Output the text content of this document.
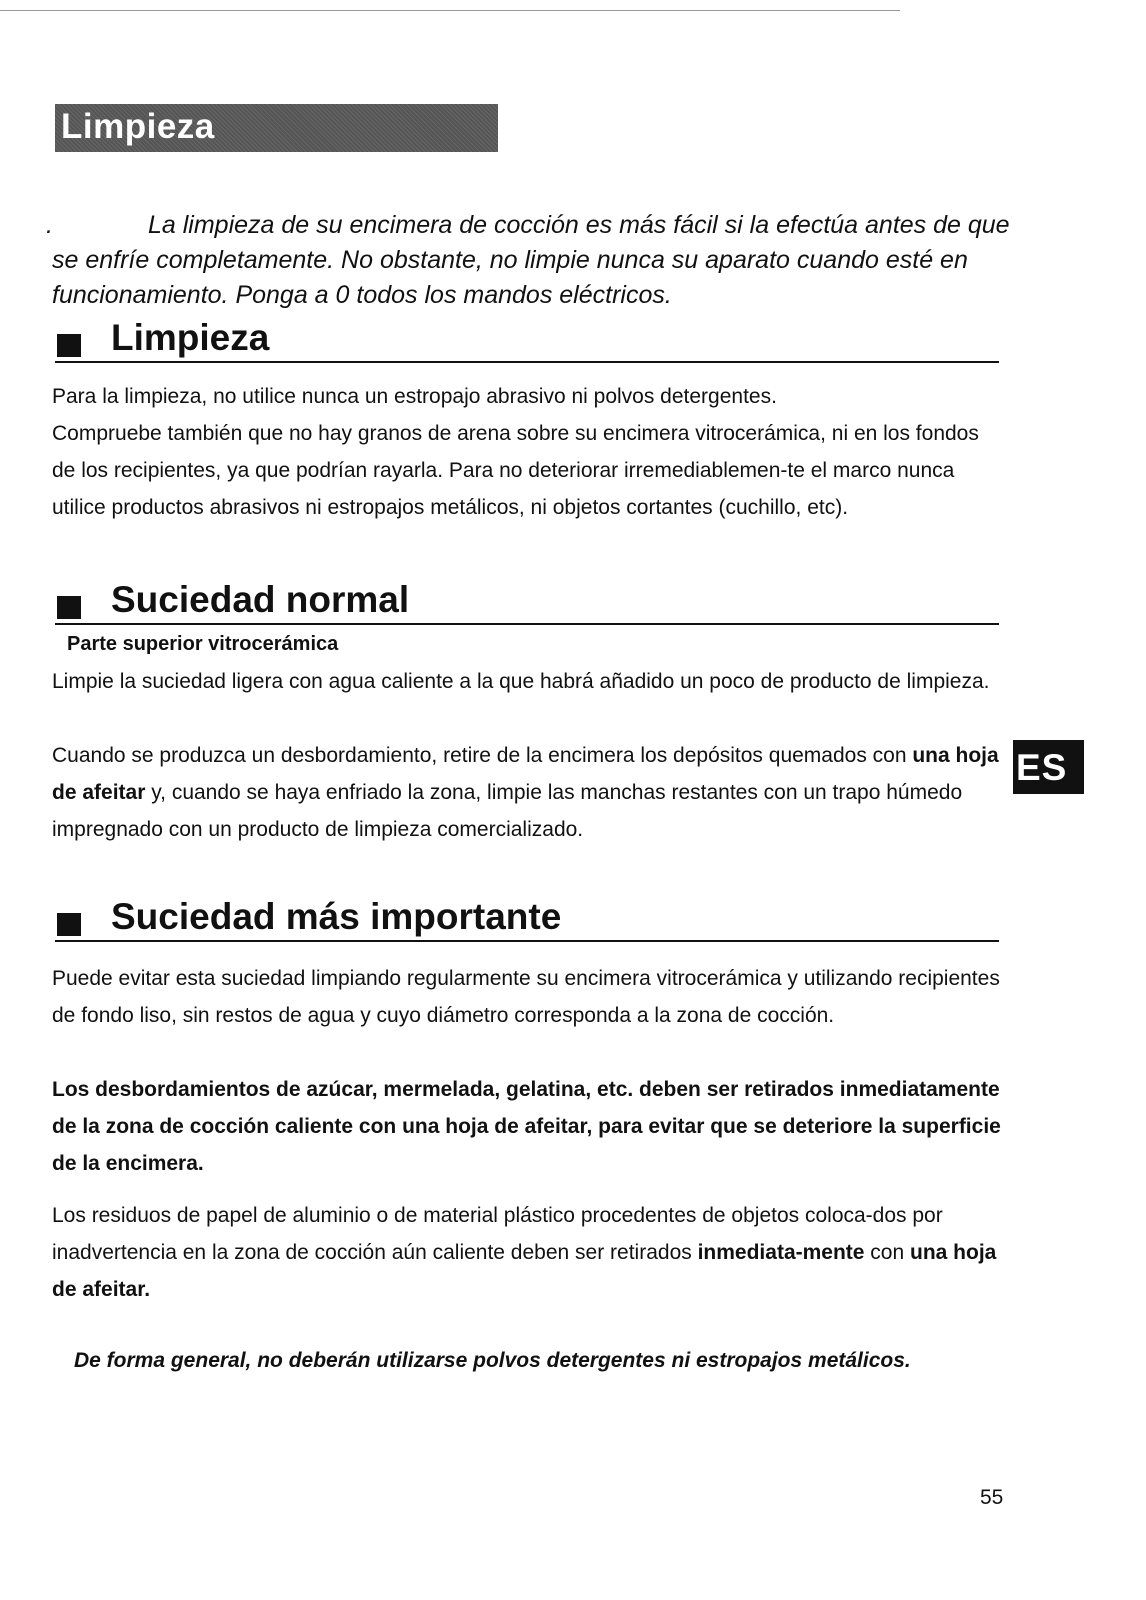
Limpieza
.	La limpieza de su encimera de cocción es más fácil si la efectúa antes de que se enfríe completamente. No obstante, no limpie nunca su aparato cuando esté en funcionamiento. Ponga a 0 todos los mandos eléctricos.

Limpieza

Para la limpieza, no utilice nunca un estropajo abrasivo ni polvos detergentes.

Compruebe también que no hay granos de arena sobre su encimera vitrocerámica, ni en los fondos de los recipientes, ya que podrían rayarla. Para no deteriorar irremediablemen-te el marco nunca utilice productos abrasivos ni estropajos metálicos, ni objetos cortantes (cuchillo, etc).

Suciedad normal
Parte superior vitrocerámica

Limpie la suciedad ligera con agua caliente a la que habrá añadido un poco de producto de limpieza.

Cuando se produzca un desbordamiento, retire de la encimera los depósitos quemados con una hoja de afeitar y, cuando se haya enfriado la zona, limpie las manchas restantes con un trapo húmedo impregnado con un producto de limpieza comercializado.

ES
Suciedad más importante

Puede evitar esta suciedad limpiando regularmente su encimera vitrocerámica y utilizando recipientes de fondo liso, sin restos de agua y cuyo diámetro corresponda a la zona de cocción.

Los desbordamientos de azúcar, mermelada, gelatina, etc. deben ser retirados inmediatamente de la zona de cocción caliente con una hoja de afeitar, para evitar que se deteriore la superficie de la encimera.

Los residuos de papel de aluminio o de material plástico procedentes de objetos coloca-dos por inadvertencia en la zona de cocción aún caliente deben ser retirados inmediata-mente con una hoja de afeitar.

De forma general, no deberán utilizarse polvos detergentes ni estropajos metálicos.
55
